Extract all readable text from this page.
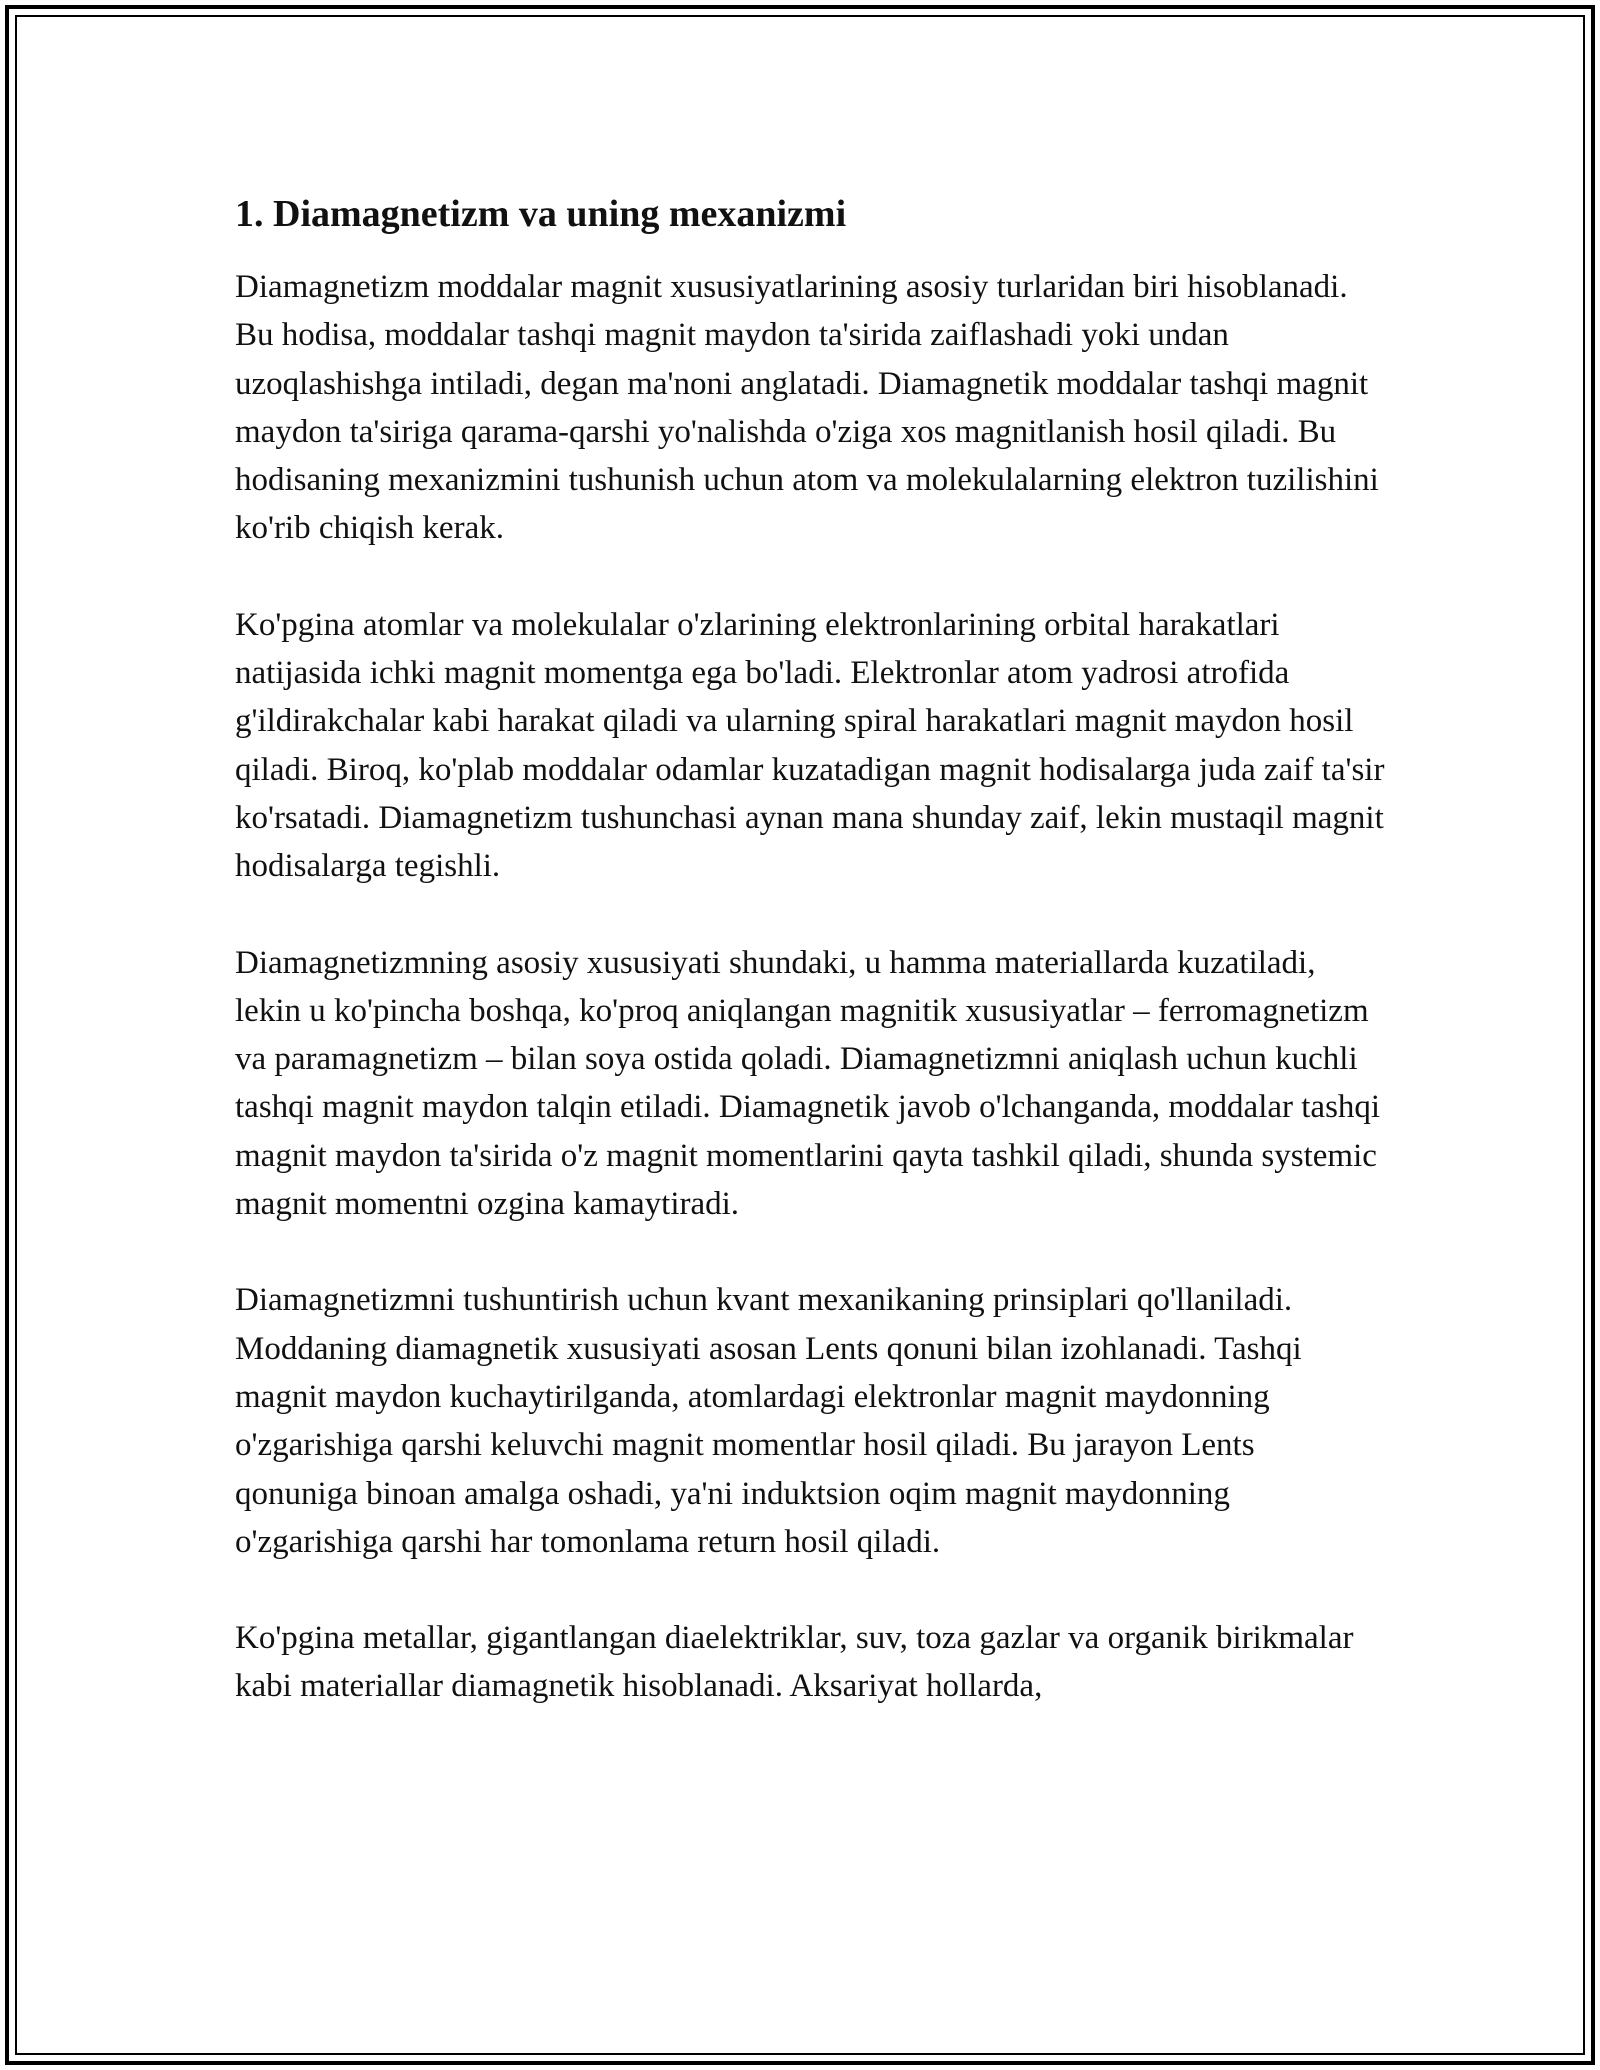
1. Diamagnetizm va uning mexanizmi

Diamagnetizm moddalar magnit xususiyatlarining asosiy turlaridan biri hisoblanadi. Bu hodisa, moddalar tashqi magnit maydon ta'sirida zaiflashadi yoki undan uzoqlashishga intiladi, degan ma'noni anglatadi. Diamagnetik moddalar tashqi magnit maydon ta'siriga qarama-qarshi yo'nalishda o'ziga xos magnitlanish hosil qiladi. Bu hodisaning mexanizmini tushunish uchun atom va molekulalarning elektron tuzilishini ko'rib chiqish kerak.

Ko'pgina atomlar va molekulalar o'zlarining elektronlarining orbital harakatlari natijasida ichki magnit momentga ega bo'ladi. Elektronlar atom yadrosi atrofida g'ildirakchalar kabi harakat qiladi va ularning spiral harakatlari magnit maydon hosil qiladi. Biroq, ko'plab moddalar odamlar kuzatadigan magnit hodisalarga juda zaif ta'sir ko'rsatadi. Diamagnetizm tushunchasi aynan mana shunday zaif, lekin mustaqil magnit hodisalarga tegishli.

Diamagnetizmning asosiy xususiyati shundaki, u hamma materiallarda kuzatiladi, lekin u ko'pincha boshqa, ko'proq aniqlangan magnitik xususiyatlar – ferromagnetizm va paramagnetizm – bilan soya ostida qoladi. Diamagnetizmni aniqlash uchun kuchli tashqi magnit maydon talqin etiladi. Diamagnetik javob o'lchanganda, moddalar tashqi magnit maydon ta'sirida o'z magnit momentlarini qayta tashkil qiladi, shunda systemic magnit momentni ozgina kamaytiradi.

Diamagnetizmni tushuntirish uchun kvant mexanikaning prinsiplari qo'llaniladi. Moddaning diamagnetik xususiyati asosan Lents qonuni bilan izohlanadi. Tashqi magnit maydon kuchaytirilganda, atomlardagi elektronlar magnit maydonning o'zgarishiga qarshi keluvchi magnit momentlar hosil qiladi. Bu jarayon Lents qonuniga binoan amalga oshadi, ya'ni induktsion oqim magnit maydonning o'zgarishiga qarshi har tomonlama return hosil qiladi.

Ko'pgina metallar, gigantlangan diaelektriklar, suv, toza gazlar va organik birikmalar kabi materiallar diamagnetik hisoblanadi. Aksariyat hollarda,
